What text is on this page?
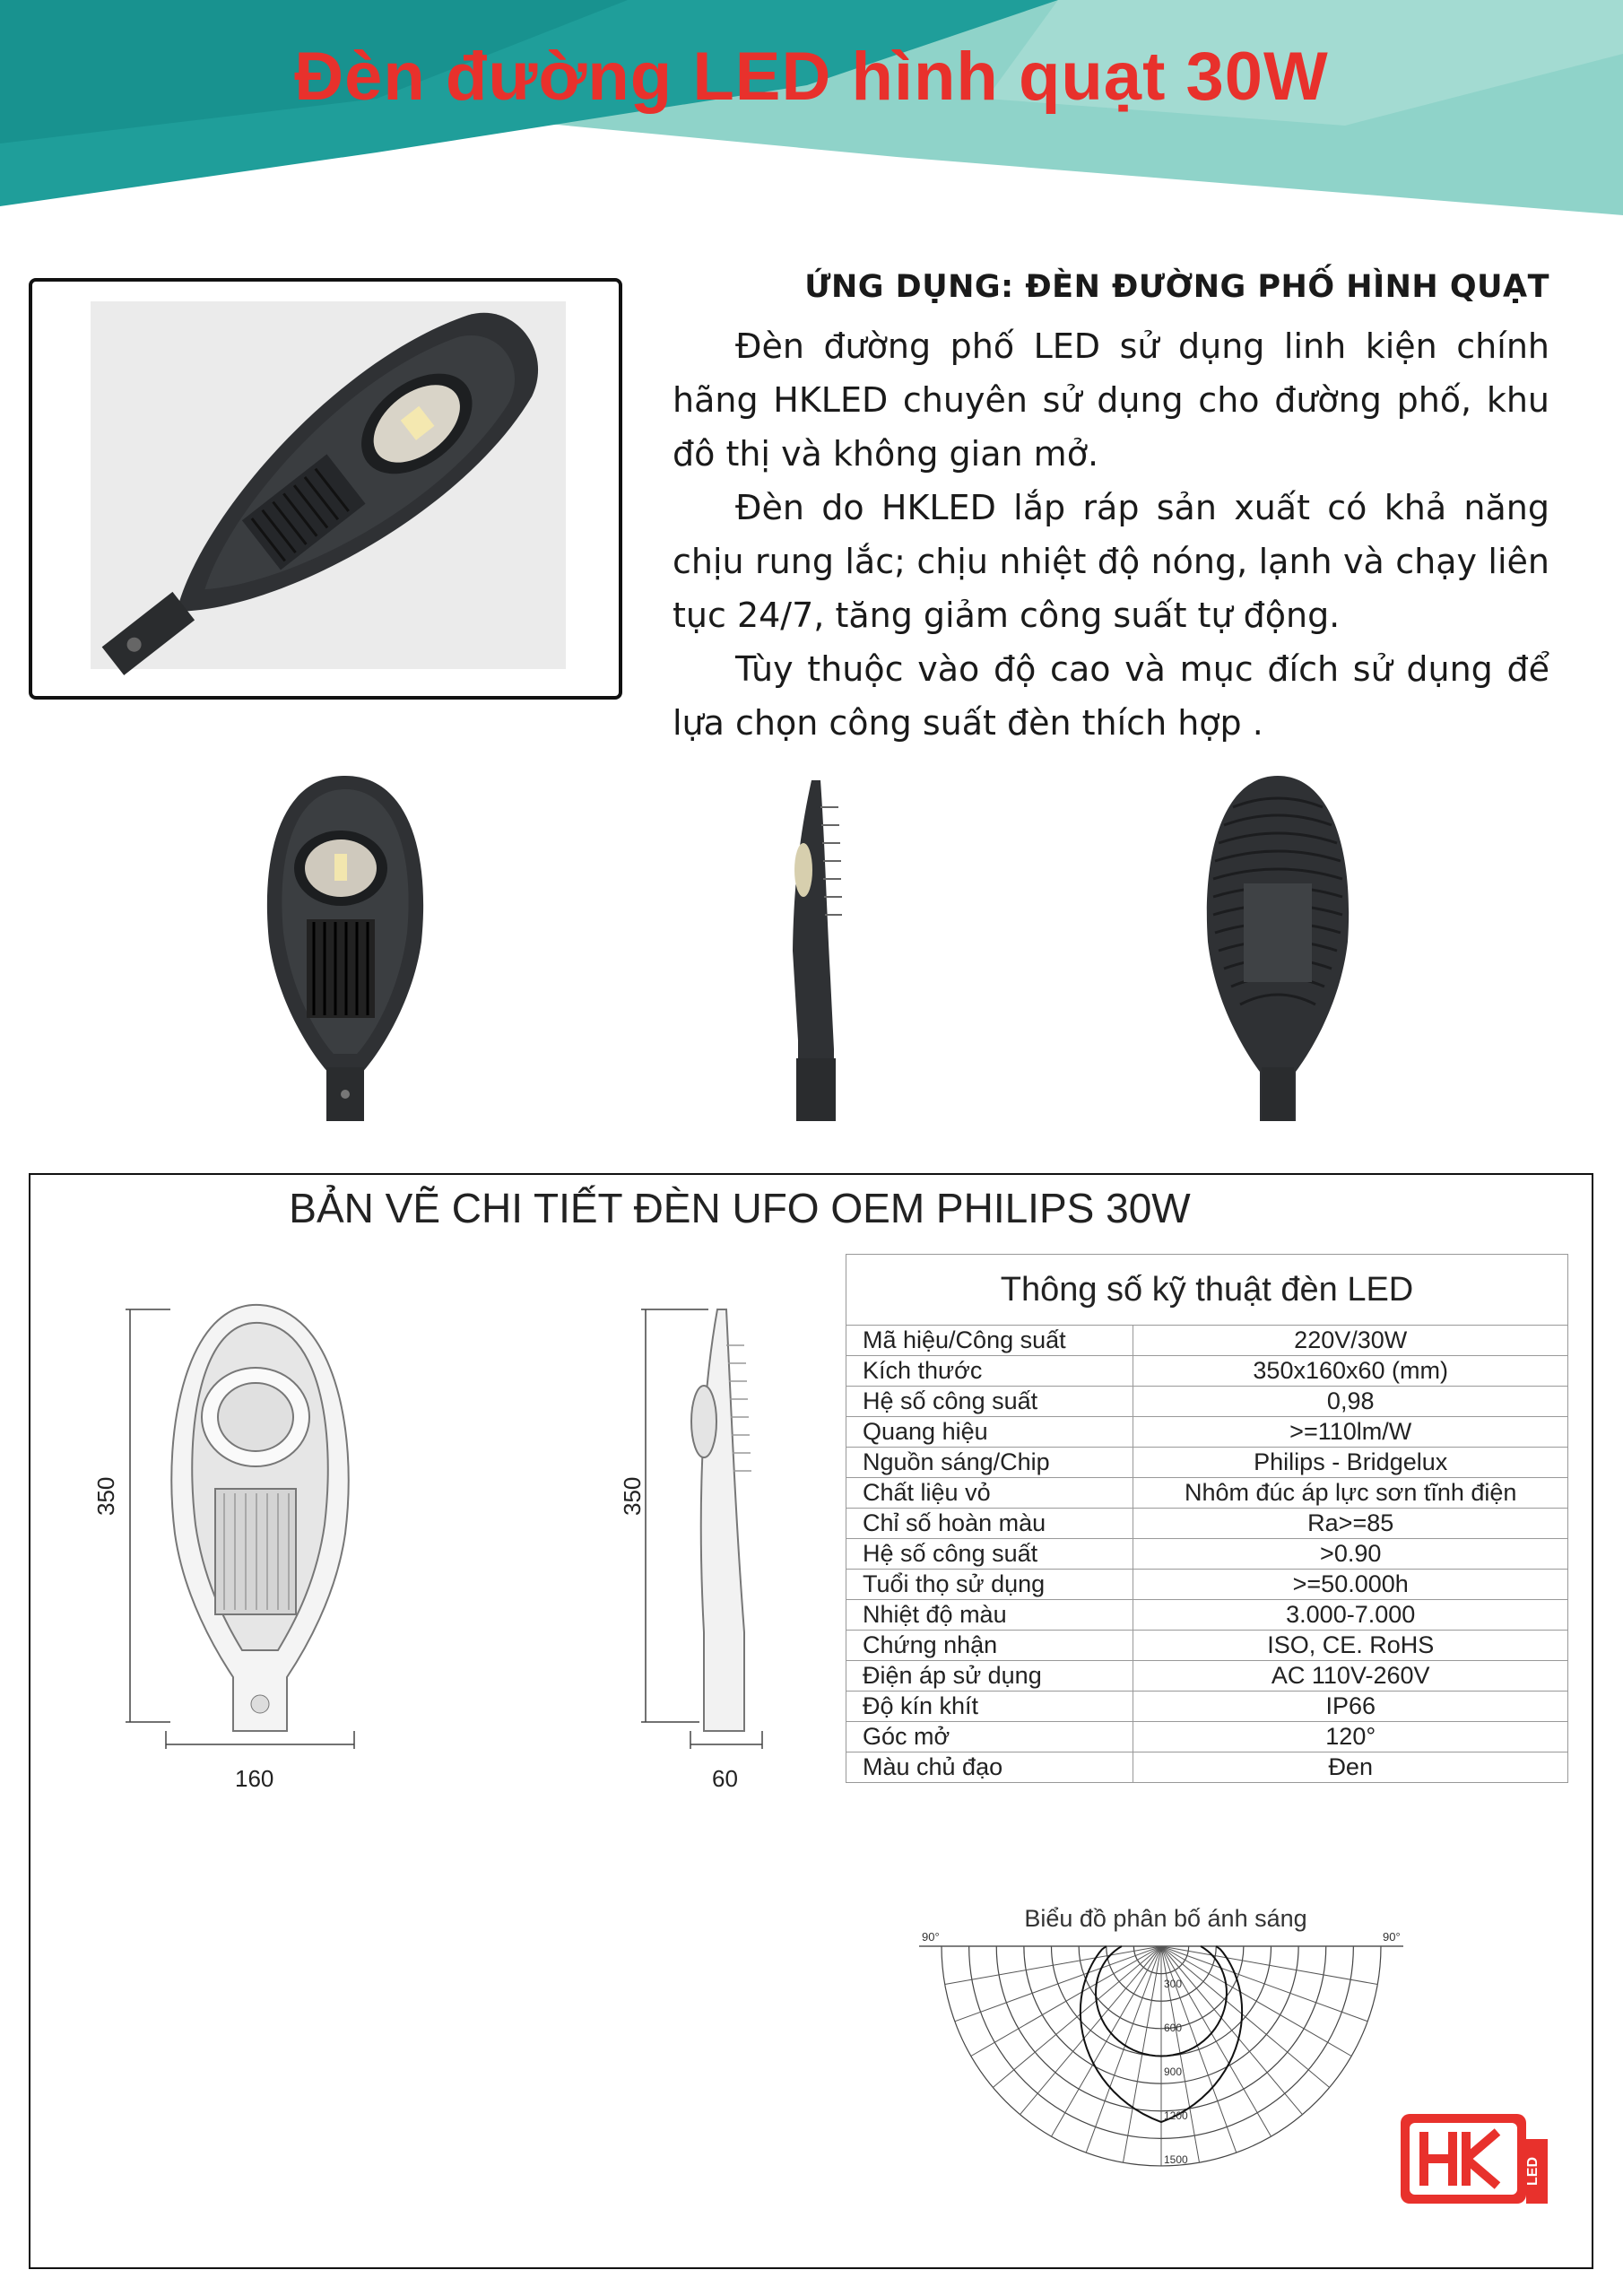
Đèn đường LED hình quạt 30W
ỨNG DỤNG: ĐÈN ĐƯỜNG PHỐ HÌNH QUẠT

Đèn đường phố LED sử dụng linh kiện chính hãng HKLED chuyên sử dụng cho đường phố, khu đô thị và không gian mở.

Đèn do HKLED lắp ráp sản xuất có khả năng chịu rung lắc; chịu nhiệt độ nóng, lạnh và chạy liên tục 24/7, tăng giảm công suất tự động.

Tùy thuộc vào độ cao và mục đích sử dụng để lựa chọn công suất đèn thích hợp .

BẢN VẼ CHI TIẾT ĐÈN UFO OEM PHILIPS 30W
350
160
350
60
Thông số kỹ thuật đèn LED	
Mã hiệu/Công suất	220V/30W
Kích thước	350x160x60 (mm)
Hệ số công suất	0,98
Quang hiệu	>=110lm/W
Nguồn sáng/Chip	Philips - Bridgelux
Chất liệu vỏ	Nhôm đúc áp lực sơn tĩnh điện
Chỉ số hoàn màu	Ra>=85
Hệ số công suất	>0.90
Tuổi thọ sử dụng	>=50.000h
Nhiệt độ màu	3.000-7.000
Chứng nhận	ISO, CE. RoHS
Điện áp sử dụng	AC 110V-260V
Độ kín khít	IP66
Góc mở	120°
Màu chủ đạo	Đen
Biểu đồ phân bố ánh sáng
300
600
900
1200
1500
90°	90°
LED
